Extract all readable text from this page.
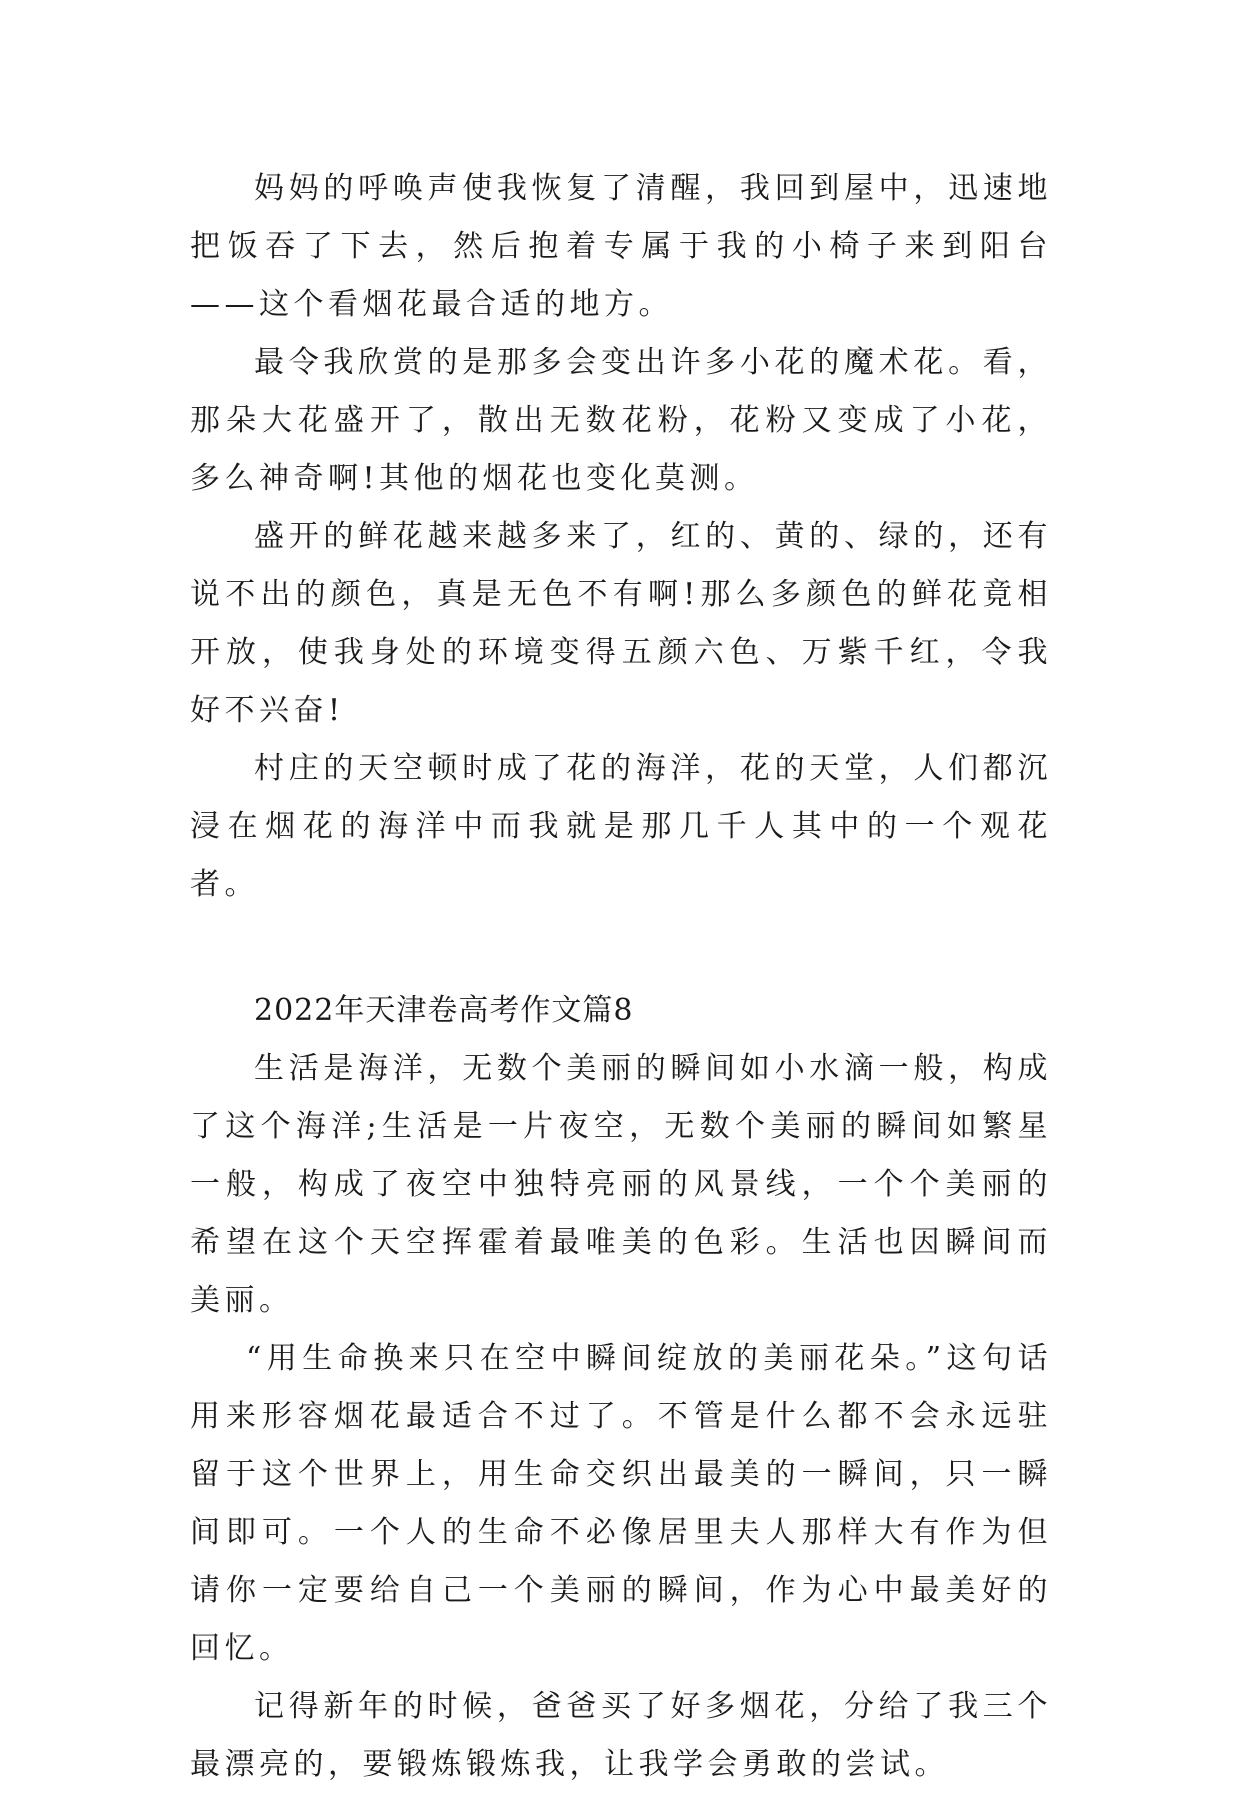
妈妈的呼唤声使我恢复了清醒，我回到屋中，迅速地把饭吞了下去，然后抱着专属于我的小椅子来到阳台——这个看烟花最合适的地方。

最令我欣赏的是那多会变出许多小花的魔术花。看，那朵大花盛开了，散出无数花粉，花粉又变成了小花，多么神奇啊!其他的烟花也变化莫测。

盛开的鲜花越来越多来了，红的、黄的、绿的，还有说不出的颜色，真是无色不有啊!那么多颜色的鲜花竟相开放，使我身处的环境变得五颜六色、万紫千红，令我好不兴奋!

村庄的天空顿时成了花的海洋，花的天堂，人们都沉浸在烟花的海洋中而我就是那几千人其中的一个观花者。

2022年天津卷高考作文篇8

生活是海洋，无数个美丽的瞬间如小水滴一般，构成了这个海洋;生活是一片夜空，无数个美丽的瞬间如繁星一般，构成了夜空中独特亮丽的风景线，一个个美丽的希望在这个天空挥霍着最唯美的色彩。生活也因瞬间而美丽。

“用生命换来只在空中瞬间绽放的美丽花朵。”这句话用来形容烟花最适合不过了。不管是什么都不会永远驻留于这个世界上，用生命交织出最美的一瞬间，只一瞬间即可。一个人的生命不必像居里夫人那样大有作为但请你一定要给自己一个美丽的瞬间，作为心中最美好的回忆。

记得新年的时候，爸爸买了好多烟花，分给了我三个最漂亮的，要锻炼锻炼我，让我学会勇敢的尝试。
